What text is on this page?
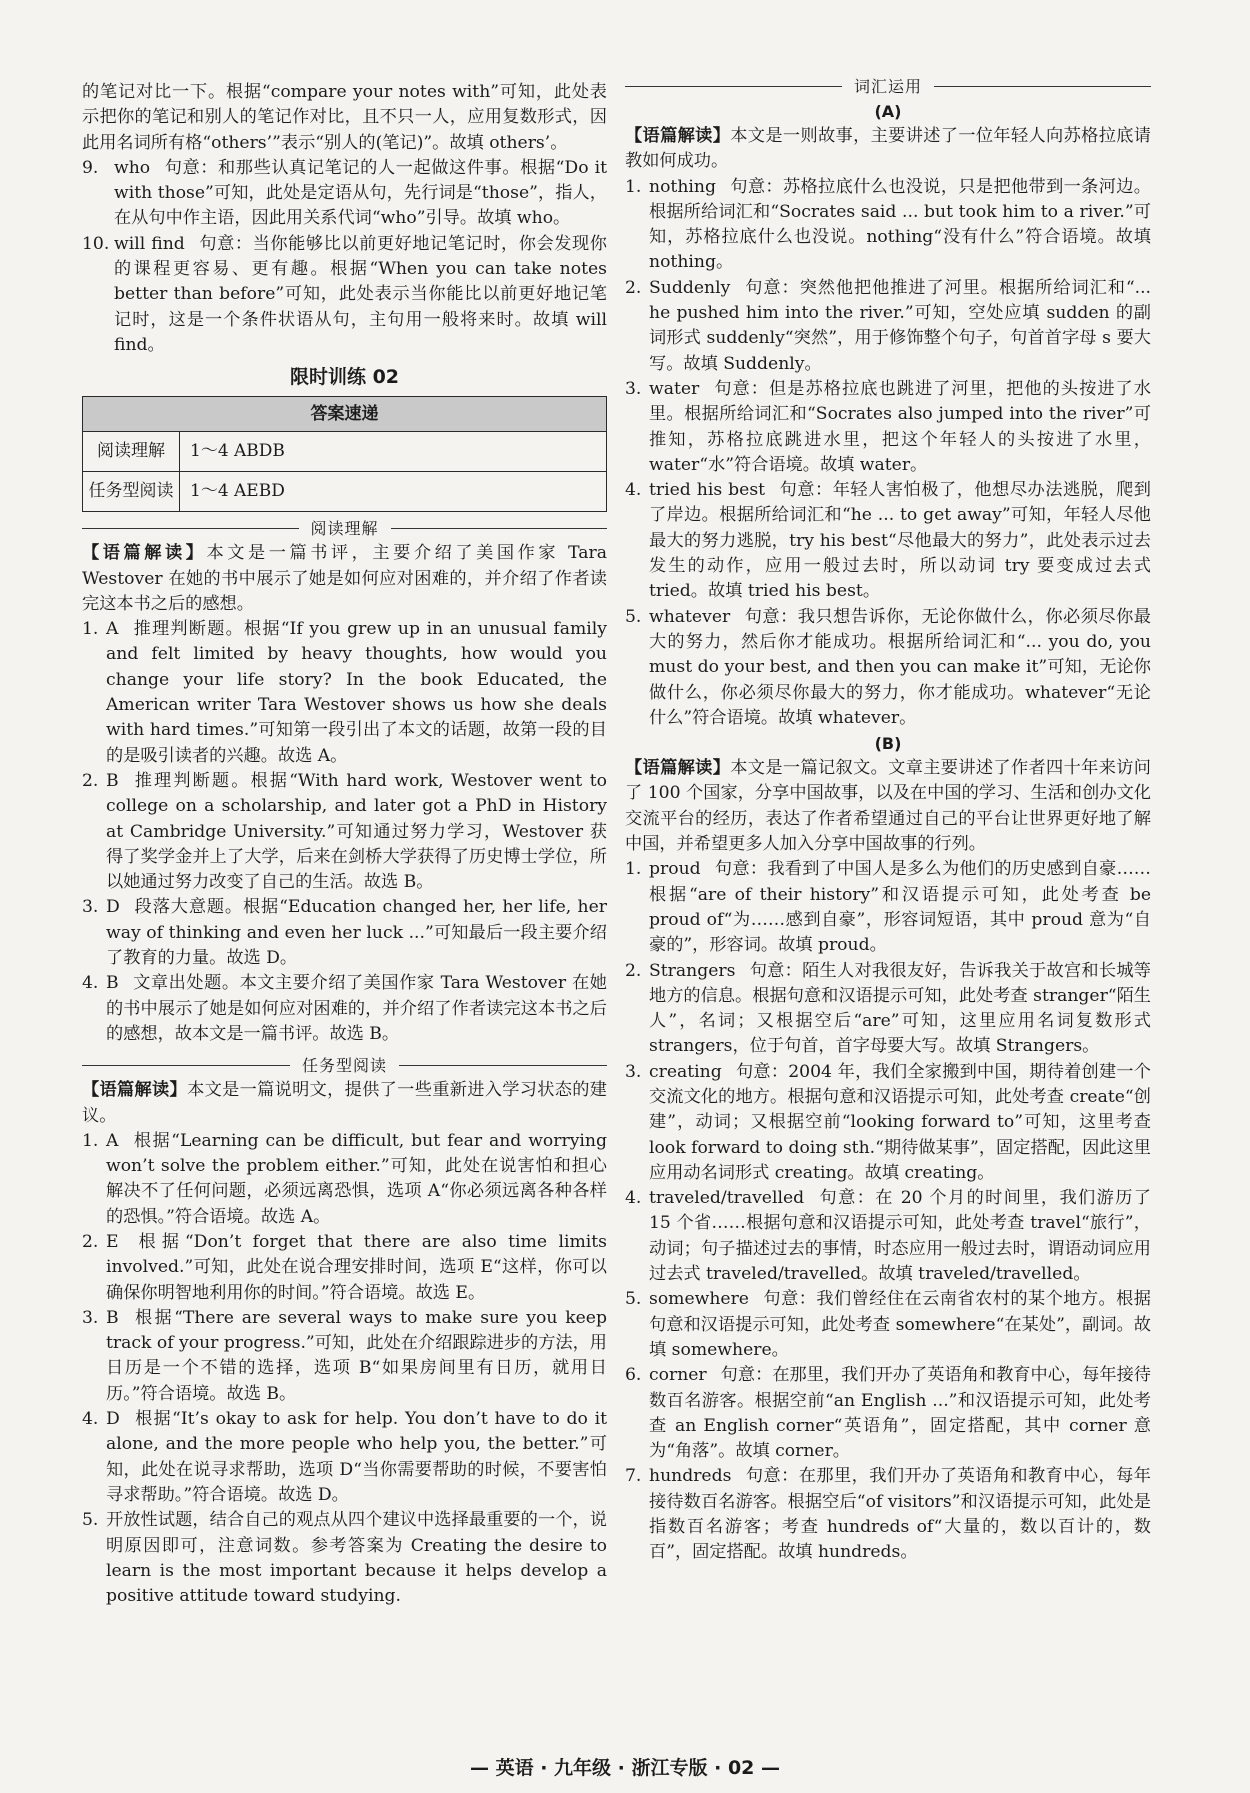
的笔记对比一下。根据“compare your notes with”可知，此处表示把你的笔记和别人的笔记作对比，且不只一人，应用复数形式，因此用名词所有格“others’”表示“别人的(笔记)”。故填 others’。

9. who 句意：和那些认真记笔记的人一起做这件事。根据“Do it with those”可知，此处是定语从句，先行词是“those”，指人，在从句中作主语，因此用关系代词“who”引导。故填 who。
10. will find 句意：当你能够比以前更好地记笔记时，你会发现你的课程更容易、更有趣。根据“When you can take notes better than before”可知，此处表示当你能比以前更好地记笔记时，这是一个条件状语从句，主句用一般将来时。故填 will find。
限时训练 02
答案速递	
阅读理解	1～4 ABDB
任务型阅读	1～4 AEBD
阅读理解

【语篇解读】本文是一篇书评，主要介绍了美国作家 Tara Westover 在她的书中展示了她是如何应对困难的，并介绍了作者读完这本书之后的感想。

1. A 推理判断题。根据“If you grew up in an unusual family and felt limited by heavy thoughts, how would you change your life story? In the book Educated, the American writer Tara Westover shows us how she deals with hard times.”可知第一段引出了本文的话题，故第一段的目的是吸引读者的兴趣。故选 A。
2. B 推理判断题。根据“With hard work, Westover went to college on a scholarship, and later got a PhD in History at Cambridge University.”可知通过努力学习，Westover 获得了奖学金并上了大学，后来在剑桥大学获得了历史博士学位，所以她通过努力改变了自己的生活。故选 B。
3. D 段落大意题。根据“Education changed her, her life, her way of thinking and even her luck ...”可知最后一段主要介绍了教育的力量。故选 D。
4. B 文章出处题。本文主要介绍了美国作家 Tara Westover 在她的书中展示了她是如何应对困难的，并介绍了作者读完这本书之后的感想，故本文是一篇书评。故选 B。
任务型阅读

【语篇解读】本文是一篇说明文，提供了一些重新进入学习状态的建议。

1. A 根据“Learning can be difficult, but fear and worrying won’t solve the problem either.”可知，此处在说害怕和担心解决不了任何问题，必须远离恐惧，选项 A“你必须远离各种各样的恐惧。”符合语境。故选 A。
2. E 根据“Don’t forget that there are also time limits involved.”可知，此处在说合理安排时间，选项 E“这样，你可以确保你明智地利用你的时间。”符合语境。故选 E。
3. B 根据“There are several ways to make sure you keep track of your progress.”可知，此处在介绍跟踪进步的方法，用日历是一个不错的选择，选项 B“如果房间里有日历，就用日历。”符合语境。故选 B。
4. D 根据“It’s okay to ask for help. You don’t have to do it alone, and the more people who help you, the better.”可知，此处在说寻求帮助，选项 D“当你需要帮助的时候，不要害怕寻求帮助。”符合语境。故选 D。
5. 开放性试题，结合自己的观点从四个建议中选择最重要的一个，说明原因即可，注意词数。参考答案为 Creating the desire to learn is the most important because it helps develop a positive attitude toward studying.
词汇运用
(A)

【语篇解读】本文是一则故事，主要讲述了一位年轻人向苏格拉底请教如何成功。

1. nothing 句意：苏格拉底什么也没说，只是把他带到一条河边。根据所给词汇和“Socrates said ... but took him to a river.”可知，苏格拉底什么也没说。nothing“没有什么”符合语境。故填 nothing。
2. Suddenly 句意：突然他把他推进了河里。根据所给词汇和“... he pushed him into the river.”可知，空处应填 sudden 的副词形式 suddenly“突然”，用于修饰整个句子，句首首字母 s 要大写。故填 Suddenly。
3. water 句意：但是苏格拉底也跳进了河里，把他的头按进了水里。根据所给词汇和“Socrates also jumped into the river”可推知，苏格拉底跳进水里，把这个年轻人的头按进了水里，water“水”符合语境。故填 water。
4. tried his best 句意：年轻人害怕极了，他想尽办法逃脱，爬到了岸边。根据所给词汇和“he ... to get away”可知，年轻人尽他最大的努力逃脱，try his best“尽他最大的努力”，此处表示过去发生的动作，应用一般过去时，所以动词 try 要变成过去式 tried。故填 tried his best。
5. whatever 句意：我只想告诉你，无论你做什么，你必须尽你最大的努力，然后你才能成功。根据所给词汇和“... you do, you must do your best, and then you can make it”可知，无论你做什么，你必须尽你最大的努力，你才能成功。whatever“无论什么”符合语境。故填 whatever。
(B)

【语篇解读】本文是一篇记叙文。文章主要讲述了作者四十年来访问了 100 个国家，分享中国故事，以及在中国的学习、生活和创办文化交流平台的经历，表达了作者希望通过自己的平台让世界更好地了解中国，并希望更多人加入分享中国故事的行列。

1. proud 句意：我看到了中国人是多么为他们的历史感到自豪……根据“are of their history”和汉语提示可知，此处考查 be proud of“为……感到自豪”，形容词短语，其中 proud 意为“自豪的”，形容词。故填 proud。
2. Strangers 句意：陌生人对我很友好，告诉我关于故宫和长城等地方的信息。根据句意和汉语提示可知，此处考查 stranger“陌生人”，名词；又根据空后“are”可知，这里应用名词复数形式 strangers，位于句首，首字母要大写。故填 Strangers。
3. creating 句意：2004 年，我们全家搬到中国，期待着创建一个交流文化的地方。根据句意和汉语提示可知，此处考查 create“创建”，动词；又根据空前“looking forward to”可知，这里考查 look forward to doing sth.“期待做某事”，固定搭配，因此这里应用动名词形式 creating。故填 creating。
4. traveled/travelled 句意：在 20 个月的时间里，我们游历了 15 个省……根据句意和汉语提示可知，此处考查 travel“旅行”，动词；句子描述过去的事情，时态应用一般过去时，谓语动词应用过去式 traveled/travelled。故填 traveled/travelled。
5. somewhere 句意：我们曾经住在云南省农村的某个地方。根据句意和汉语提示可知，此处考查 somewhere“在某处”，副词。故填 somewhere。
6. corner 句意：在那里，我们开办了英语角和教育中心，每年接待数百名游客。根据空前“an English ...”和汉语提示可知，此处考查 an English corner“英语角”，固定搭配，其中 corner 意为“角落”。故填 corner。
7. hundreds 句意：在那里，我们开办了英语角和教育中心，每年接待数百名游客。根据空后“of visitors”和汉语提示可知，此处是指数百名游客；考查 hundreds of“大量的，数以百计的，数百”，固定搭配。故填 hundreds。
— 英语 · 九年级 · 浙江专版 · 02 —
